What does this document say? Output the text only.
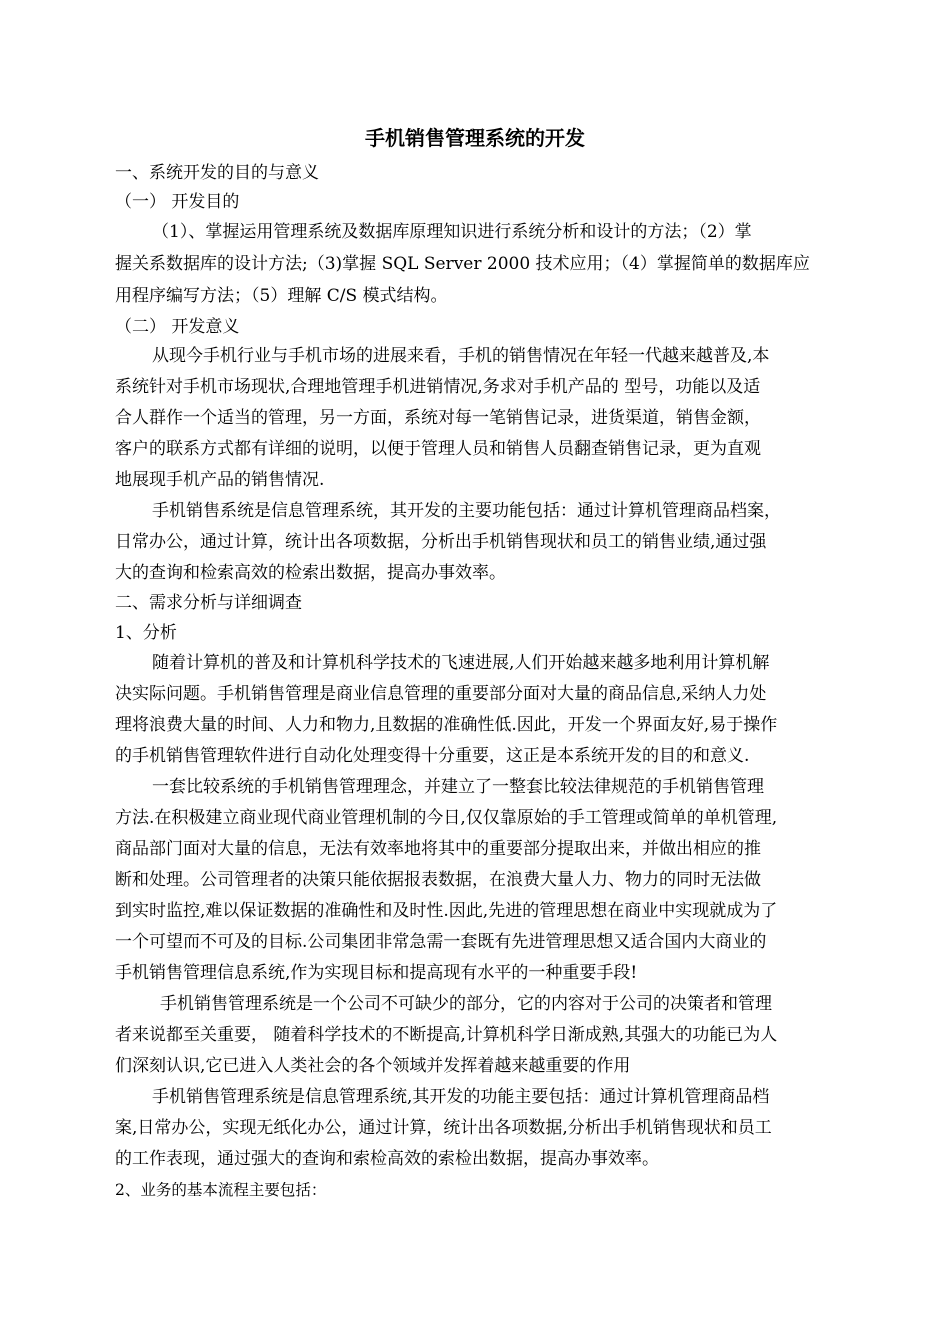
手机销售管理系统的开发
一、系统开发的目的与意义
（一） 开发目的
（1）、掌握运用管理系统及数据库原理知识进行系统分析和设计的方法；（2）掌
握关系数据库的设计方法;（3)掌握 SQL Server 2000 技术应用；（4）掌握简单的数据库应
用程序编写方法；（5）理解 C/S 模式结构。
（二） 开发意义
从现今手机行业与手机市场的进展来看，手机的销售情况在年轻一代越来越普及,本
系统针对手机市场现状,合理地管理手机进销情况,务求对手机产品的 型号，功能以及适
合人群作一个适当的管理，另一方面，系统对每一笔销售记录，进货渠道，销售金额，
客户的联系方式都有详细的说明，以便于管理人员和销售人员翻查销售记录，更为直观
地展现手机产品的销售情况.
手机销售系统是信息管理系统，其开发的主要功能包括：通过计算机管理商品档案，
日常办公，通过计算，统计出各项数据，分析出手机销售现状和员工的销售业绩,通过强
大的查询和检索高效的检索出数据，提高办事效率。
二、需求分析与详细调查
1、分析
随着计算机的普及和计算机科学技术的飞速进展,人们开始越来越多地利用计算机解
决实际问题。手机销售管理是商业信息管理的重要部分面对大量的商品信息,采纳人力处
理将浪费大量的时间、人力和物力,且数据的准确性低.因此，开发一个界面友好,易于操作
的手机销售管理软件进行自动化处理变得十分重要，这正是本系统开发的目的和意义.
一套比较系统的手机销售管理理念，并建立了一整套比较法律规范的手机销售管理
方法.在积极建立商业现代商业管理机制的今日,仅仅靠原始的手工管理或简单的单机管理,
商品部门面对大量的信息，无法有效率地将其中的重要部分提取出来，并做出相应的推
断和处理。公司管理者的决策只能依据报表数据，在浪费大量人力、物力的同时无法做
到实时监控,难以保证数据的准确性和及时性.因此,先进的管理思想在商业中实现就成为了
一个可望而不可及的目标.公司集团非常急需一套既有先进管理思想又适合国内大商业的
手机销售管理信息系统,作为实现目标和提高现有水平的一种重要手段!
手机销售管理系统是一个公司不可缺少的部分，它的内容对于公司的决策者和管理
者来说都至关重要， 随着科学技术的不断提高,计算机科学日渐成熟,其强大的功能已为人
们深刻认识,它已进入人类社会的各个领域并发挥着越来越重要的作用
手机销售管理系统是信息管理系统,其开发的功能主要包括：通过计算机管理商品档
案,日常办公，实现无纸化办公，通过计算，统计出各项数据,分析出手机销售现状和员工
的工作表现，通过强大的查询和索检高效的索检出数据，提高办事效率。
2、业务的基本流程主要包括：
